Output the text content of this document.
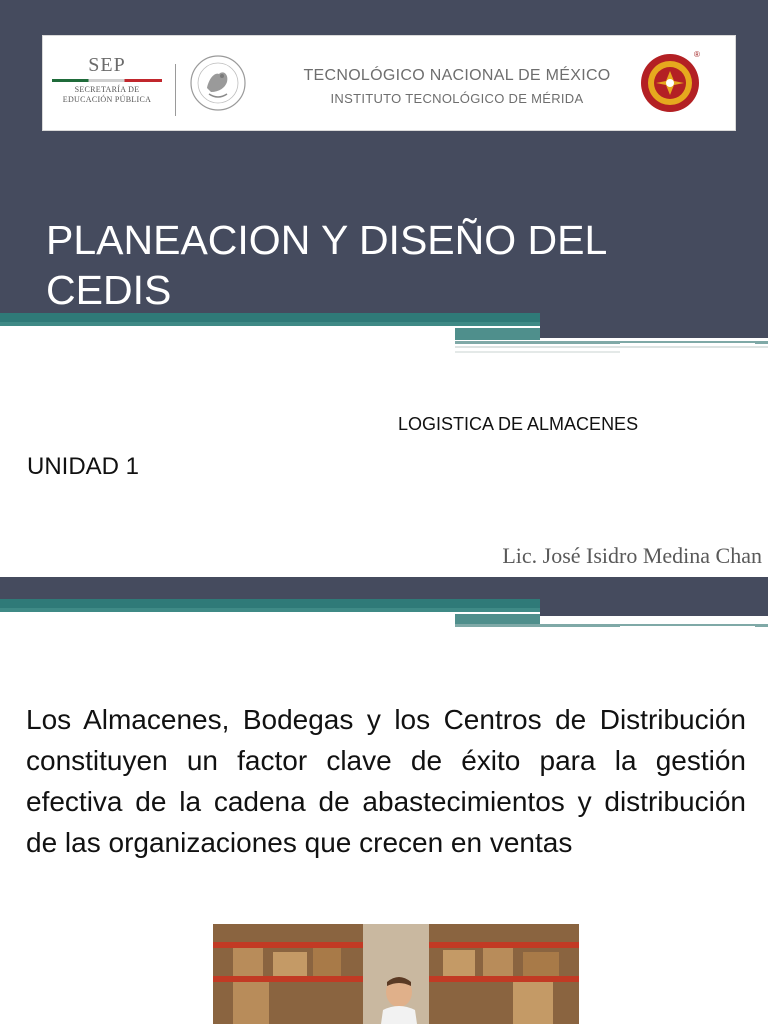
SEP
SECRETARÍA DE
EDUCACIÓN PÚBLICA
TECNOLÓGICO NACIONAL DE MÉXICO
INSTITUTO TECNOLÓGICO DE MÉRIDA
®
PLANEACION Y DISEÑO DEL
CEDIS
LOGISTICA DE ALMACENES
UNIDAD 1
Lic. José Isidro Medina Chan

Los Almacenes, Bodegas y los Centros de Distribución constituyen un factor clave de éxito para la gestión efectiva de la cadena de abastecimientos y distribución de las organizaciones que crecen en ventas
